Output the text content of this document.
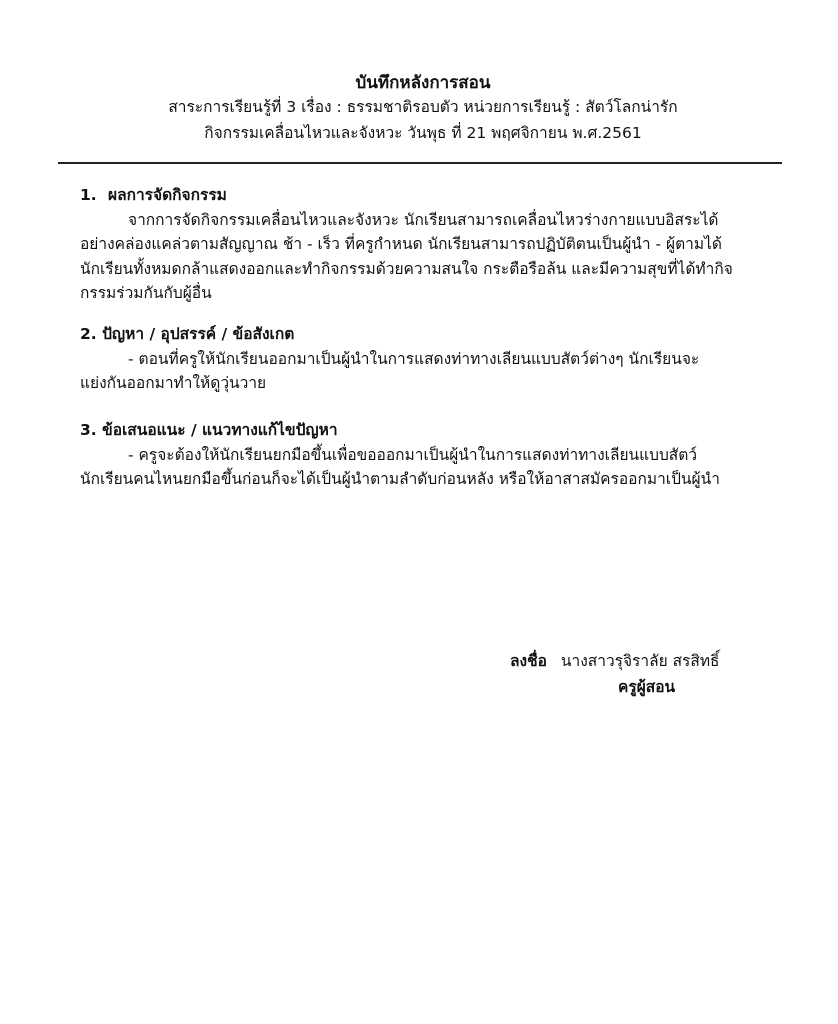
บันทึกหลังการสอน
สาระการเรียนรู้ที่ 3 เรื่อง : ธรรมชาติรอบตัว หน่วยการเรียนรู้ : สัตว์โลกน่ารัก
กิจกรรมเคลื่อนไหวและจังหวะ วันพุธ ที่ 21 พฤศจิกายน พ.ศ.2561
1. ผลการจัดกิจกรรม

จากการจัดกิจกรรมเคลื่อนไหวและจังหวะ นักเรียนสามารถเคลื่อนไหวร่างกายแบบอิสระได้

อย่างคล่องแคล่วตามสัญญาณ ช้า - เร็ว ที่ครูกำหนด นักเรียนสามารถปฏิบัติตนเป็นผู้นำ - ผู้ตามได้

นักเรียนทั้งหมดกล้าแสดงออกและทำกิจกรรมด้วยความสนใจ กระตือรือล้น และมีความสุขที่ได้ทำกิจ

กรรมร่วมกันกับผู้อื่น

2. ปัญหา / อุปสรรค์ / ข้อสังเกต

- ตอนที่ครูให้นักเรียนออกมาเป็นผู้นำในการแสดงท่าทางเลียนแบบสัตว์ต่างๆ นักเรียนจะ

แย่งกันออกมาทำให้ดูวุ่นวาย

3. ข้อเสนอแนะ / แนวทางแก้ไขปัญหา

- ครูจะต้องให้นักเรียนยกมือขึ้นเพื่อขอออกมาเป็นผู้นำในการแสดงท่าทางเลียนแบบสัตว์

นักเรียนคนไหนยกมือขึ้นก่อนก็จะได้เป็นผู้นำตามลำดับก่อนหลัง หรือให้อาสาสมัครออกมาเป็นผู้นำ

ลงชื่อ นางสาวรุจิราลัย สรสิทธิ์
ครูผู้สอน
